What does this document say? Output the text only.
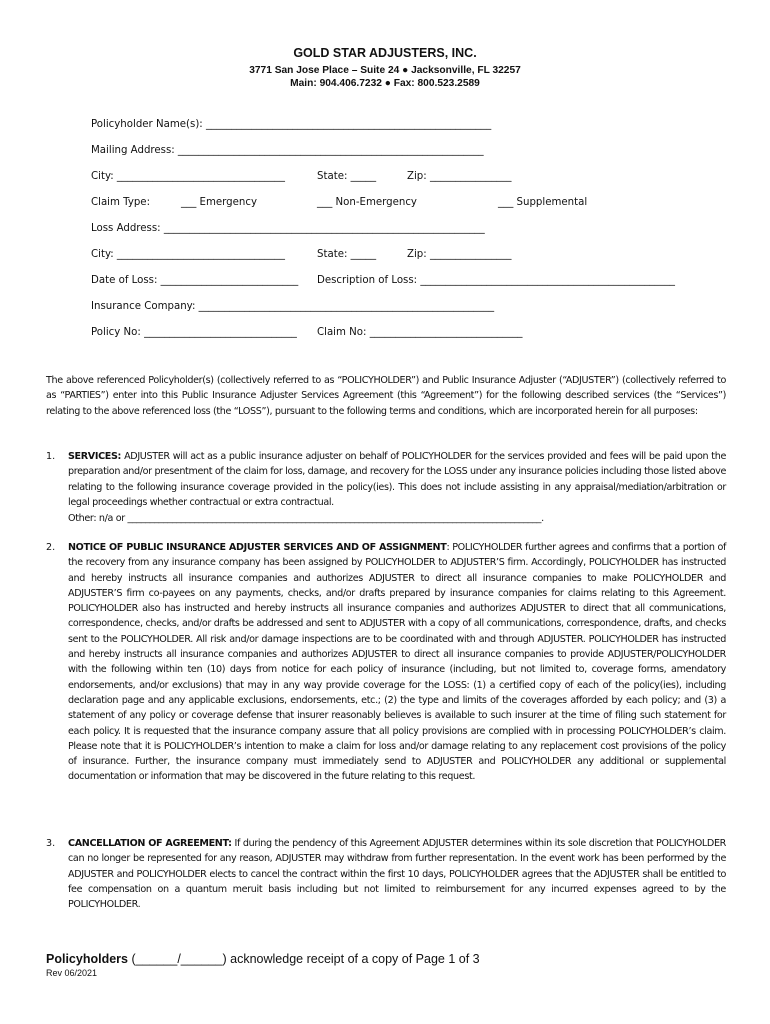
GOLD STAR ADJUSTERS, INC.
3771 San Jose Place – Suite 24 ● Jacksonville, FL 32257
Main: 904.406.7232 ● Fax: 800.523.2589
Policyholder Name(s): ________________________________________________________
Mailing Address: ____________________________________________________________
City: _________________________________	State: _____	Zip: ________________
Claim Type:	___ Emergency	___ Non-Emergency	___ Supplemental
Loss Address: _______________________________________________________________
City: _________________________________	State: _____	Zip: ________________
Date of Loss: ___________________________ Description of Loss: __________________________________________________
Insurance Company: __________________________________________________________
Policy No: ______________________________ Claim No: ______________________________
The above referenced Policyholder(s) (collectively referred to as “POLICYHOLDER”) and Public Insurance Adjuster (“ADJUSTER”) (collectively referred to as “PARTIES”) enter into this Public Insurance Adjuster Services Agreement (this “Agreement”) for the following described services (the “Services”) relating to the above referenced loss (the “LOSS”), pursuant to the following terms and conditions, which are incorporated herein for all purposes:
1. SERVICES: ADJUSTER will act as a public insurance adjuster on behalf of POLICYHOLDER for the services provided and fees will be paid upon the preparation and/or presentment of the claim for loss, damage, and recovery for the LOSS under any insurance policies including those listed above relating to the following insurance coverage provided in the policy(ies). This does not include assisting in any appraisal/mediation/arbitration or legal proceedings whether contractual or extra contractual.
Other: n/a or _____________________________________________________________________________________________.
2. NOTICE OF PUBLIC INSURANCE ADJUSTER SERVICES AND OF ASSIGNMENT: POLICYHOLDER further agrees and confirms that a portion of the recovery from any insurance company has been assigned by POLICYHOLDER to ADJUSTER’S firm. Accordingly, POLICYHOLDER has instructed and hereby instructs all insurance companies and authorizes ADJUSTER to direct all insurance companies to make POLICYHOLDER and ADJUSTER’S firm co-payees on any payments, checks, and/or drafts prepared by insurance companies for claims relating to this Agreement. POLICYHOLDER also has instructed and hereby instructs all insurance companies and authorizes ADJUSTER to direct that all communications, correspondence, checks, and/or drafts be addressed and sent to ADJUSTER with a copy of all communications, correspondence, drafts, and checks sent to the POLICYHOLDER. All risk and/or damage inspections are to be coordinated with and through ADJUSTER. POLICYHOLDER has instructed and hereby instructs all insurance companies and authorizes ADJUSTER to direct all insurance companies to provide ADJUSTER/POLICYHOLDER with the following within ten (10) days from notice for each policy of insurance (including, but not limited to, coverage forms, amendatory endorsements, and/or exclusions) that may in any way provide coverage for the LOSS: (1) a certified copy of each of the policy(ies), including declaration page and any applicable exclusions, endorsements, etc.; (2) the type and limits of the coverages afforded by each policy; and (3) a statement of any policy or coverage defense that insurer reasonably believes is available to such insurer at the time of filing such statement for each policy. It is requested that the insurance company assure that all policy provisions are complied with in processing POLICYHOLDER’s claim. Please note that it is POLICYHOLDER’s intention to make a claim for loss and/or damage relating to any replacement cost provisions of the policy of insurance. Further, the insurance company must immediately send to ADJUSTER and POLICYHOLDER any additional or supplemental documentation or information that may be discovered in the future relating to this request.
3. CANCELLATION OF AGREEMENT: If during the pendency of this Agreement ADJUSTER determines within its sole discretion that POLICYHOLDER can no longer be represented for any reason, ADJUSTER may withdraw from further representation. In the event work has been performed by the ADJUSTER and POLICYHOLDER elects to cancel the contract within the first 10 days, POLICYHOLDER agrees that the ADJUSTER shall be entitled to fee compensation on a quantum meruit basis including but not limited to reimbursement for any incurred expenses agreed to by the POLICYHOLDER.
Policyholders (______/______) acknowledge receipt of a copy of Page 1 of 3
Rev 06/2021
